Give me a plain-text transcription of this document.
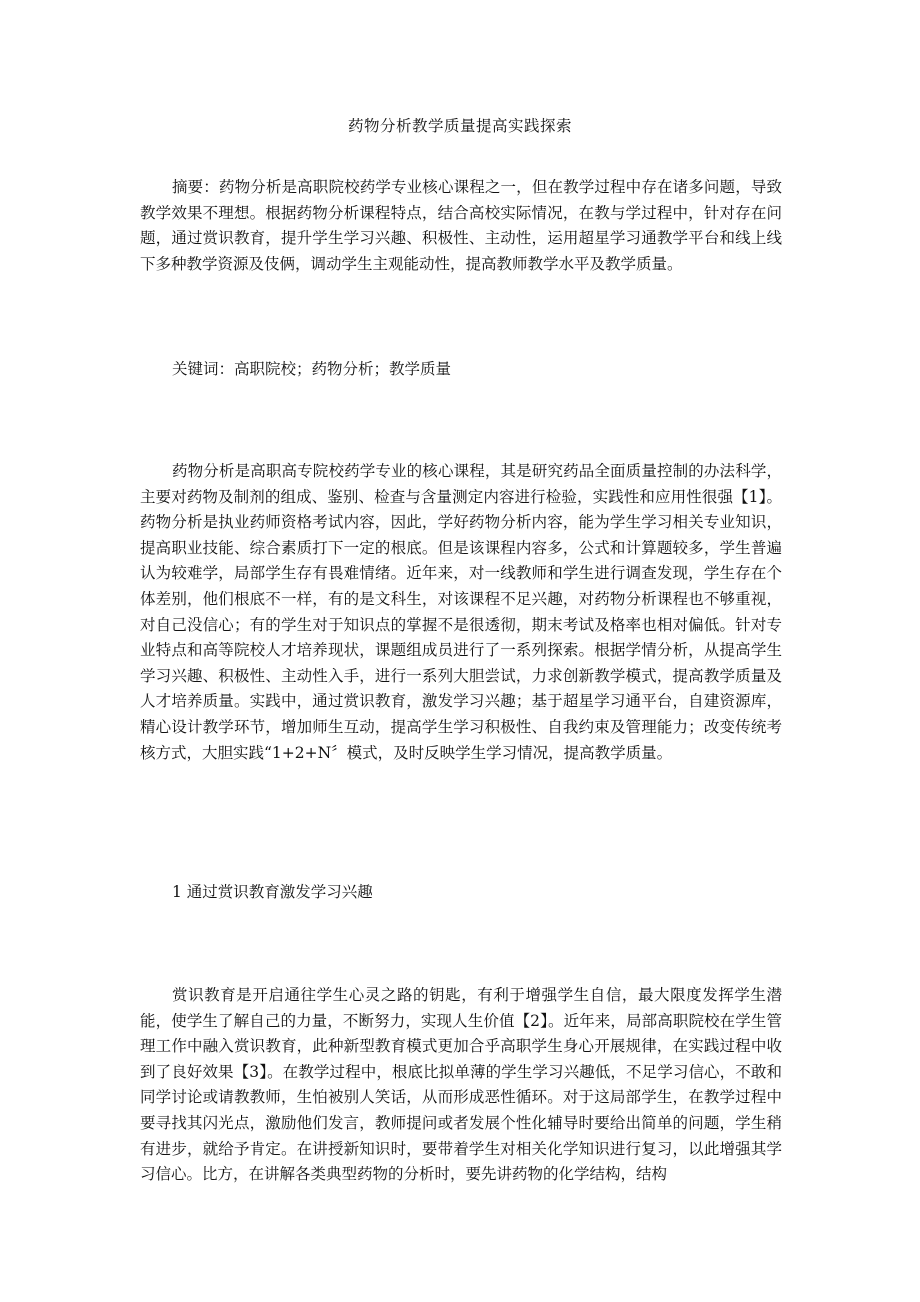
药物分析教学质量提高实践探索

摘要：药物分析是高职院校药学专业核心课程之一，但在教学过程中存在诸多问题，导致教学效果不理想。根据药物分析课程特点，结合高校实际情况，在教与学过程中，针对存在问题，通过赏识教育，提升学生学习兴趣、积极性、主动性，运用超星学习通教学平台和线上线下多种教学资源及伎俩，调动学生主观能动性，提高教师教学水平及教学质量。

关键词：高职院校；药物分析；教学质量

药物分析是高职高专院校药学专业的核心课程，其是研究药品全面质量控制的办法科学，主要对药物及制剂的组成、鉴别、检查与含量测定内容进行检验，实践性和应用性很强【1】。药物分析是执业药师资格考试内容，因此，学好药物分析内容，能为学生学习相关专业知识，提高职业技能、综合素质打下一定的根底。但是该课程内容多，公式和计算题较多，学生普遍认为较难学，局部学生存有畏难情绪。近年来，对一线教师和学生进行调查发现，学生存在个体差别，他们根底不一样，有的是文科生，对该课程不足兴趣，对药物分析课程也不够重视，对自己没信心；有的学生对于知识点的掌握不是很透彻，期末考试及格率也相对偏低。针对专业特点和高等院校人才培养现状，课题组成员进行了一系列探索。根据学情分析，从提高学生学习兴趣、积极性、主动性入手，进行一系列大胆尝试，力求创新教学模式，提高教学质量及人才培养质量。实践中，通过赏识教育，激发学习兴趣；基于超星学习通平台，自建资源库，精心设计教学环节，增加师生互动，提高学生学习积极性、自我约束及管理能力；改变传统考核方式，大胆实践“1+2+N〞模式，及时反映学生学习情况，提高教学质量。

1 通过赏识教育激发学习兴趣

赏识教育是开启通往学生心灵之路的钥匙，有利于增强学生自信，最大限度发挥学生潜能，使学生了解自己的力量，不断努力，实现人生价值【2】。近年来，局部高职院校在学生管理工作中融入赏识教育，此种新型教育模式更加合乎高职学生身心开展规律，在实践过程中收到了良好效果【3】。在教学过程中，根底比拟单薄的学生学习兴趣低，不足学习信心，不敢和同学讨论或请教教师，生怕被别人笑话，从而形成恶性循环。对于这局部学生，在教学过程中要寻找其闪光点，激励他们发言，教师提问或者发展个性化辅导时要给出简单的问题，学生稍有进步，就给予肯定。在讲授新知识时，要带着学生对相关化学知识进行复习，以此增强其学习信心。比方，在讲解各类典型药物的分析时，要先讲药物的化学结构，结构
